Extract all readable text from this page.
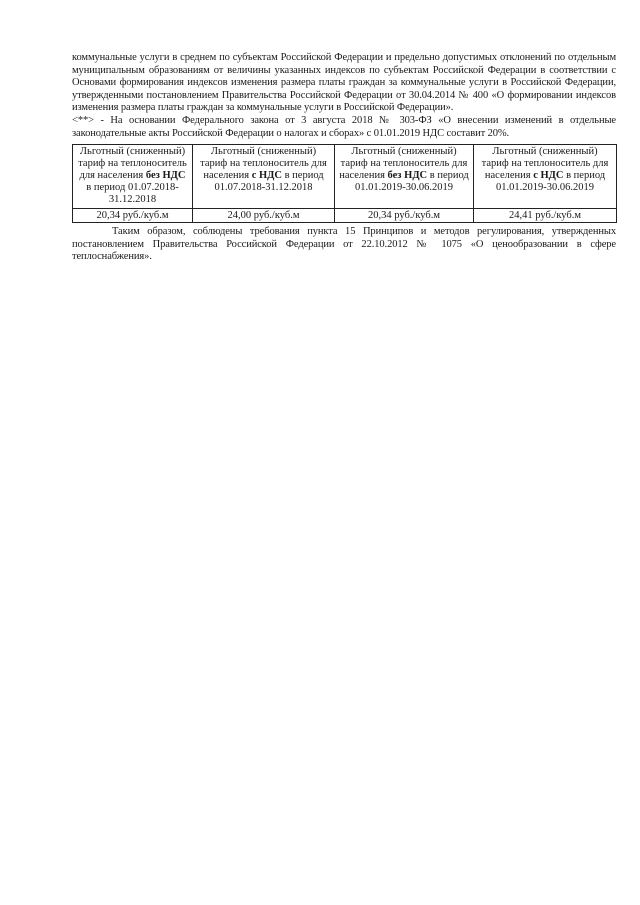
коммунальные услуги в среднем по субъектам Российской Федерации и предельно допустимых отклонений по отдельным муниципальным образованиям от величины указанных индексов по субъектам Российской Федерации в соответствии с Основами формирования индексов изменения размера платы граждан за коммунальные услуги в Российской Федерации, утвержденными постановлением Правительства Российской Федерации от 30.04.2014 № 400 «О формировании индексов изменения размера платы граждан за коммунальные услуги в Российской Федерации».

<**> - На основании Федерального закона от 3 августа 2018 № 303-ФЗ «О внесении изменений в отдельные законодательные акты Российской Федерации о налогах и сборах» с 01.01.2019 НДС составит 20%.

Льготный (сниженный) тариф на теплоноситель для населения без НДС в период 01.07.2018-31.12.2018	Льготный (сниженный) тариф на теплоноситель для населения с НДС в период 01.07.2018-31.12.2018	Льготный (сниженный) тариф на теплоноситель для населения без НДС в период 01.01.2019-30.06.2019	Льготный (сниженный) тариф на теплоноситель для населения с НДС в период 01.01.2019-30.06.2019
20,34 руб./куб.м	24,00 руб./куб.м	20,34 руб./куб.м	24,41 руб./куб.м

Таким образом, соблюдены требования пункта 15 Принципов и методов регулирования, утвержденных постановлением Правительства Российской Федерации от 22.10.2012 № 1075 «О ценообразовании в сфере теплоснабжения».
